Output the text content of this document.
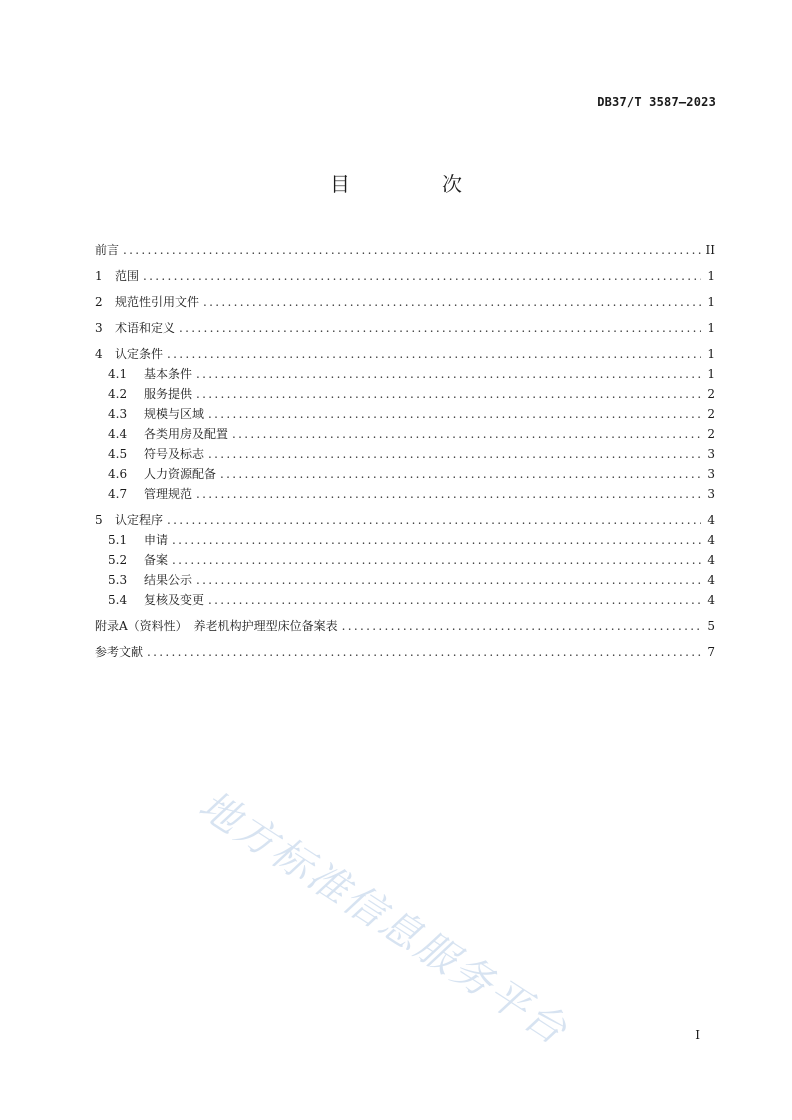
DB37/T 3587—2023
目　次
前言 .....	II
1	范围 .....	1
2	规范性引用文件 .....	1
3	术语和定义 .....	1
4	认定条件 .....	1
4.1	基本条件 .....	1
4.2	服务提供 .....	2
4.3	规模与区域 .....	2
4.4	各类用房及配置 .....	2
4.5	符号及标志 .....	3
4.6	人力资源配备 .....	3
4.7	管理规范 .....	3
5	认定程序 .....	4
5.1	申请 .....	4
5.2	备案 .....	4
5.3	结果公示 .....	4
5.4	复核及变更 .....	4
附录A（资料性）　养老机构护理型床位备案表 .....	5
参考文献 .....	7
地方标准信息服务平台	I
